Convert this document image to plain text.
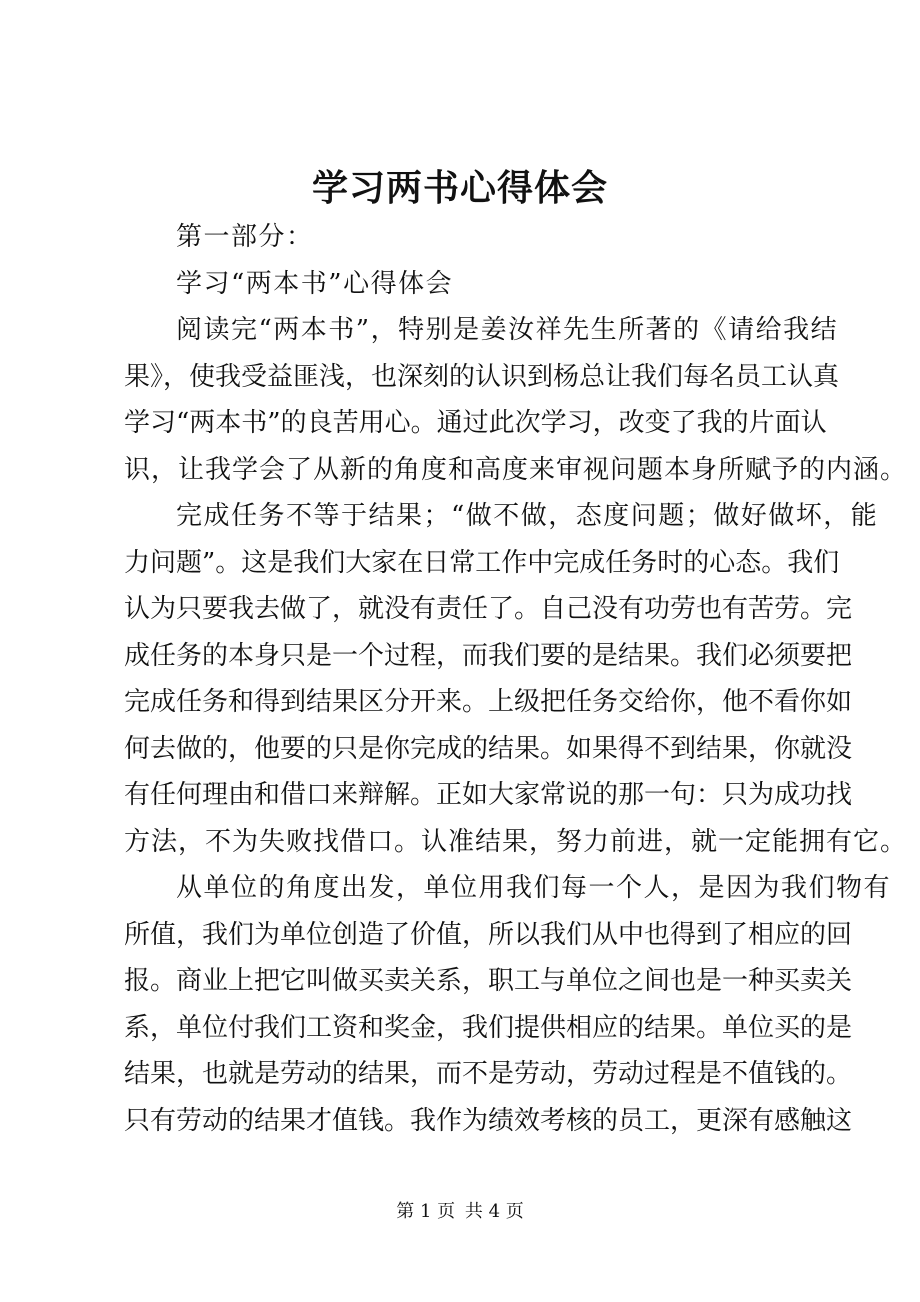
学习两书心得体会
第一部分：
学习“两本书”心得体会
阅读完“两本书”，特别是姜汝祥先生所著的《请给我结
果》，使我受益匪浅，也深刻的认识到杨总让我们每名员工认真
学习“两本书”的良苦用心。通过此次学习，改变了我的片面认
识，让我学会了从新的角度和高度来审视问题本身所赋予的内涵。
完成任务不等于结果；“做不做，态度问题；做好做坏，能
力问题”。这是我们大家在日常工作中完成任务时的心态。我们
认为只要我去做了，就没有责任了。自己没有功劳也有苦劳。完
成任务的本身只是一个过程，而我们要的是结果。我们必须要把
完成任务和得到结果区分开来。上级把任务交给你，他不看你如
何去做的，他要的只是你完成的结果。如果得不到结果，你就没
有任何理由和借口来辩解。正如大家常说的那一句：只为成功找
方法，不为失败找借口。认准结果，努力前进，就一定能拥有它。
从单位的角度出发，单位用我们每一个人，是因为我们物有
所值，我们为单位创造了价值，所以我们从中也得到了相应的回
报。商业上把它叫做买卖关系，职工与单位之间也是一种买卖关
系，单位付我们工资和奖金，我们提供相应的结果。单位买的是
结果，也就是劳动的结果，而不是劳动，劳动过程是不值钱的。
只有劳动的结果才值钱。我作为绩效考核的员工，更深有感触这
第 1 页 共 4 页
